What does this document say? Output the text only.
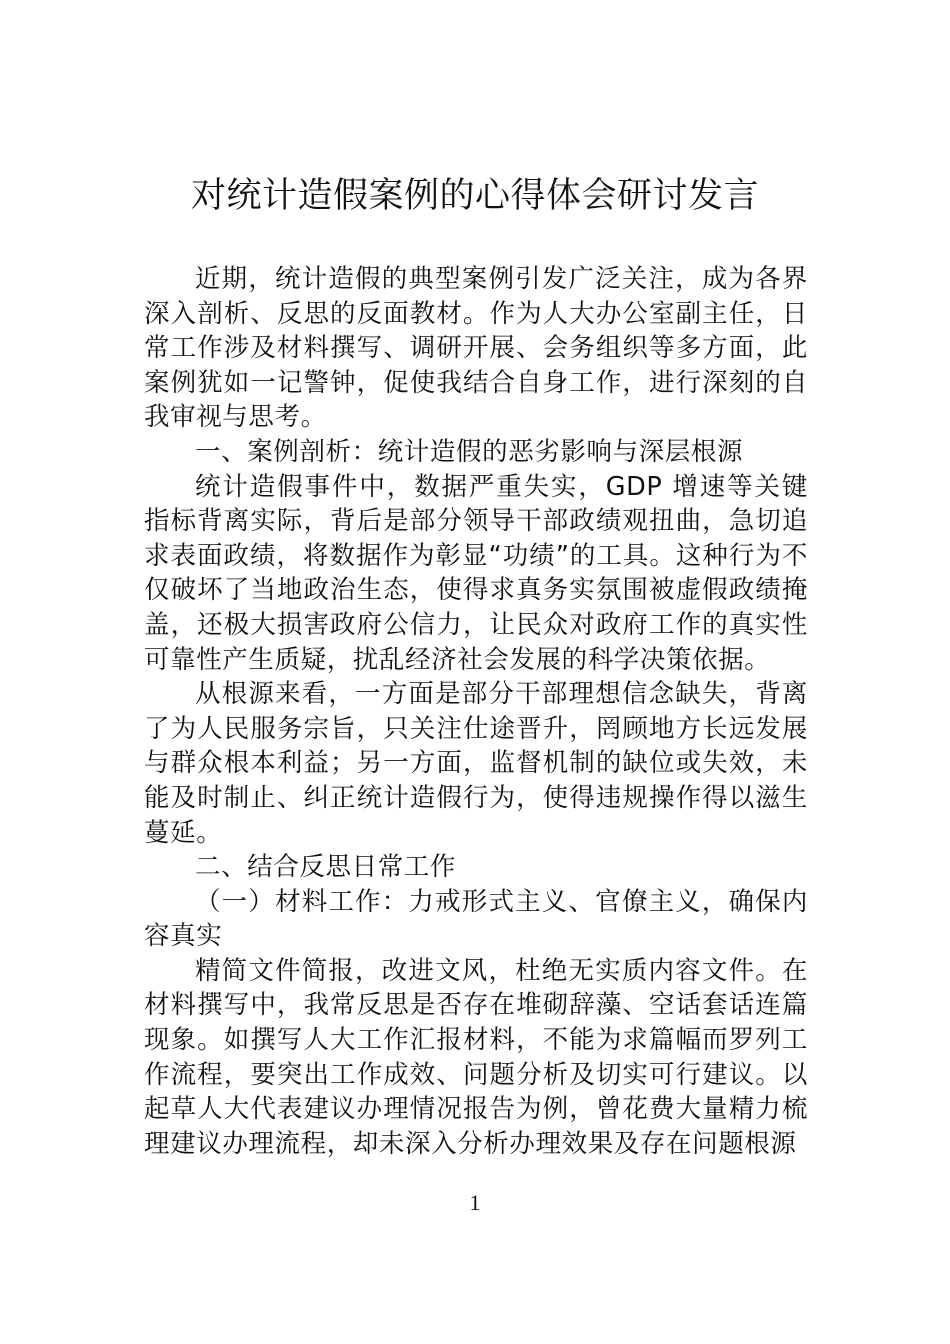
对统计造假案例的心得体会研讨发言

近期，统计造假的典型案例引发广泛关注，成为各界深入剖析、反思的反面教材。作为人大办公室副主任，日常工作涉及材料撰写、调研开展、会务组织等多方面，此案例犹如一记警钟，促使我结合自身工作，进行深刻的自我审视与思考。

一、案例剖析：统计造假的恶劣影响与深层根源

统计造假事件中，数据严重失实，GDP 增速等关键指标背离实际，背后是部分领导干部政绩观扭曲，急切追求表面政绩，将数据作为彰显“功绩”的工具。这种行为不仅破坏了当地政治生态，使得求真务实氛围被虚假政绩掩盖，还极大损害政府公信力，让民众对政府工作的真实性可靠性产生质疑，扰乱经济社会发展的科学决策依据。

从根源来看，一方面是部分干部理想信念缺失，背离了为人民服务宗旨，只关注仕途晋升，罔顾地方长远发展与群众根本利益；另一方面，监督机制的缺位或失效，未能及时制止、纠正统计造假行为，使得违规操作得以滋生蔓延。

二、结合反思日常工作

（一）材料工作：力戒形式主义、官僚主义，确保内容真实

精简文件简报，改进文风，杜绝无实质内容文件。在材料撰写中，我常反思是否存在堆砌辞藻、空话套话连篇现象。如撰写人大工作汇报材料，不能为求篇幅而罗列工作流程，要突出工作成效、问题分析及切实可行建议。以起草人大代表建议办理情况报告为例，曾花费大量精力梳理建议办理流程，却未深入分析办理效果及存在问题根源

1
